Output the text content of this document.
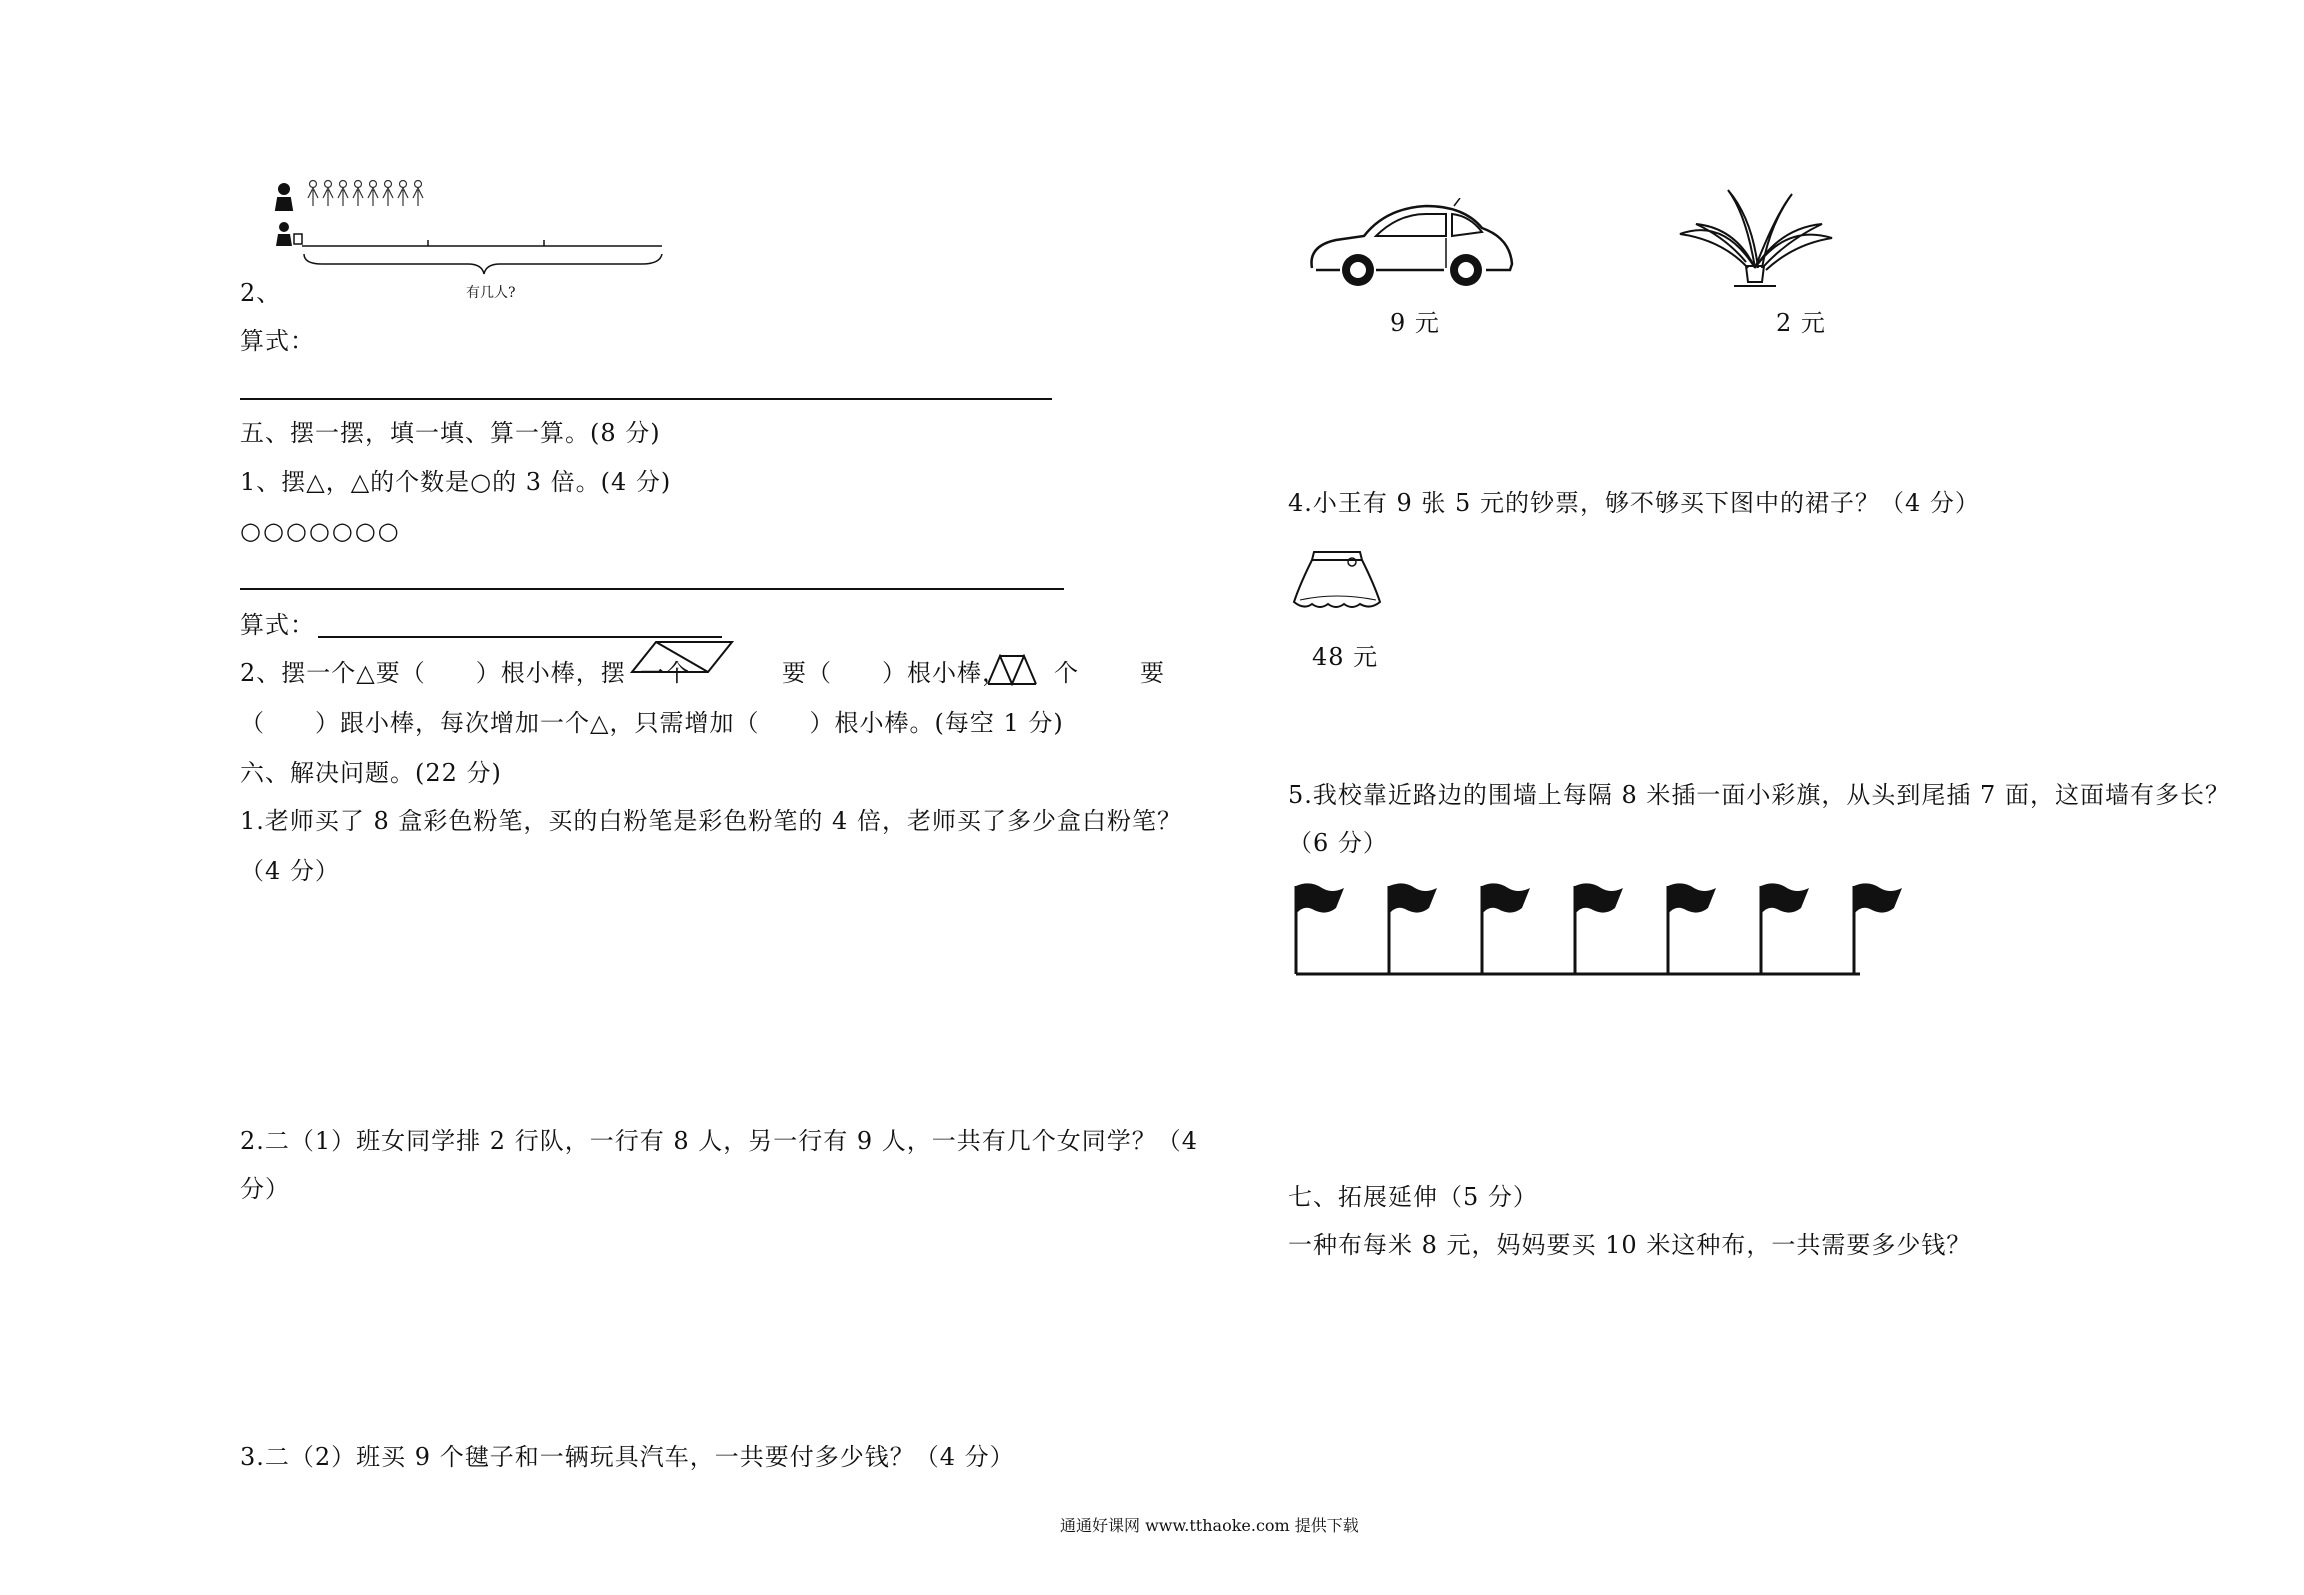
有几人?
2、
算式：
五、摆一摆，填一填、算一算。(8 分)
1、摆△，△的个数是○的 3 倍。(4 分)
○○○○○○○
算式：
2、摆一个△要（　　）根小棒，摆 一个	要（　　）根小棒， 个	要
（　　）跟小棒，每次增加一个△，只需增加（　　）根小棒。(每空 1 分)
六、解决问题。(22 分)
1.老师买了 8 盒彩色粉笔，买的白粉笔是彩色粉笔的 4 倍，老师买了多少盒白粉笔？
（4 分）
2.二（1）班女同学排 2 行队，一行有 8 人，另一行有 9 人，一共有几个女同学？（4
分）
3.二（2）班买 9 个毽子和一辆玩具汽车，一共要付多少钱？（4 分）
9 元	2 元
4.小王有 9 张 5 元的钞票，够不够买下图中的裙子？（4 分）
48 元
5.我校靠近路边的围墙上每隔 8 米插一面小彩旗，从头到尾插 7 面，这面墙有多长？
（6 分）
七、拓展延伸（5 分）
一种布每米 8 元，妈妈要买 10 米这种布，一共需要多少钱？
通通好课网 www.tthaoke.com 提供下载
